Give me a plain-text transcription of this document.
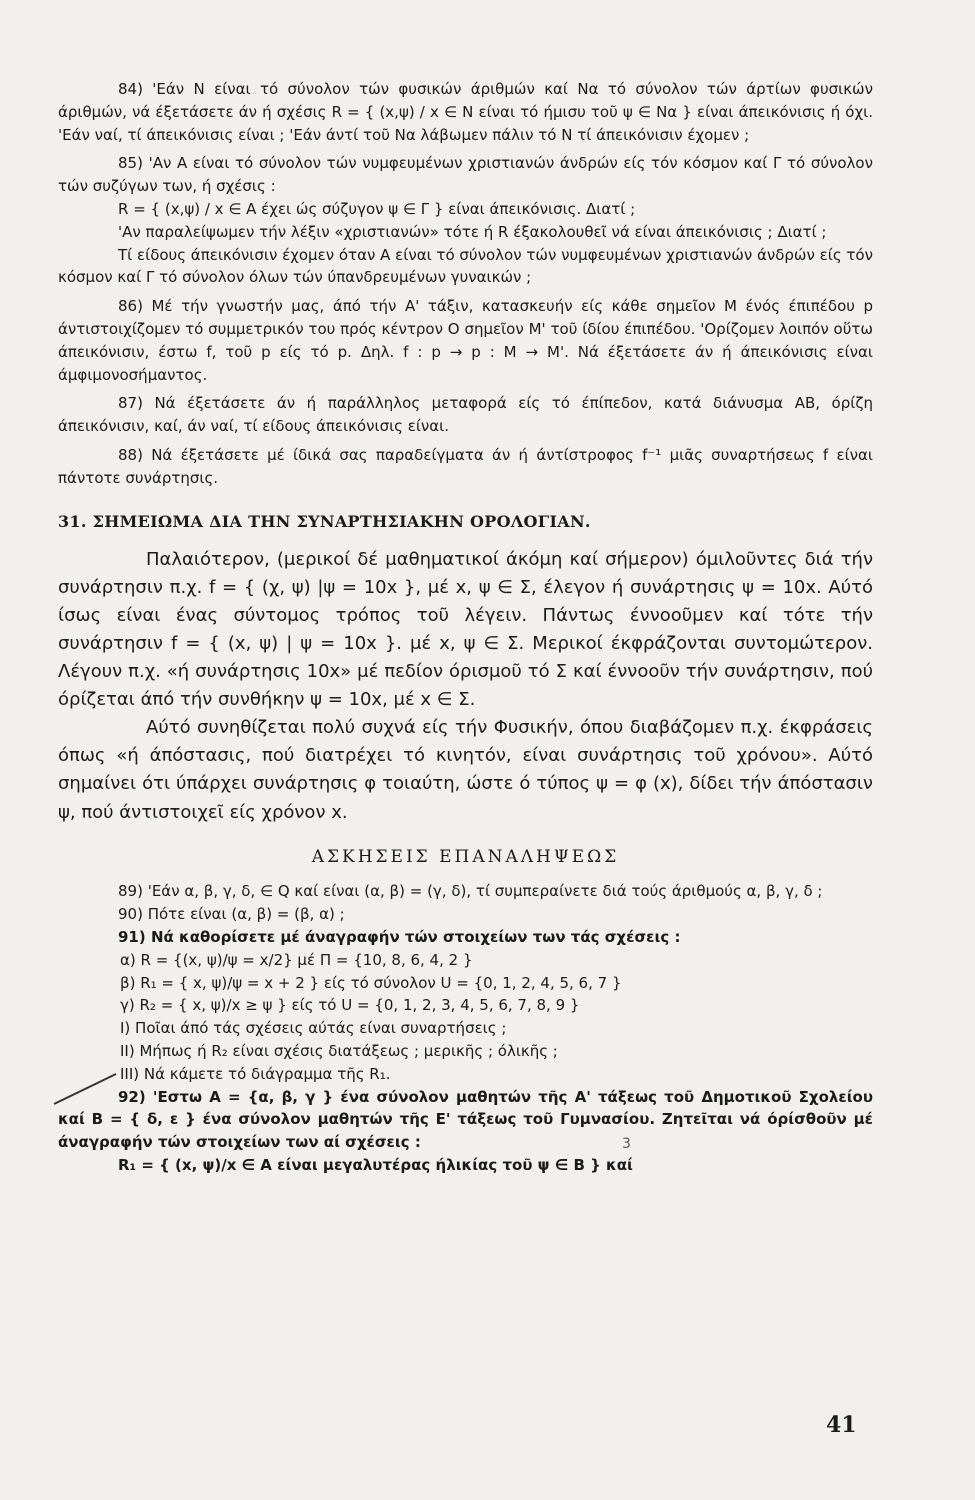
84) 'Εάν Ν είναι τό σύνολον τών φυσικών άριθμών καί Να τό σύνολον τών άρτίων φυσικών άριθμών, νά έξετάσετε άν ή σχέσις R = { (x,ψ) / x ∈ N είναι τό ήμισυ τοῦ ψ ∈ Να } είναι άπεικόνισις ή όχι. 'Εάν ναί, τί άπεικόνισις είναι ; 'Εάν άντί τοῦ Να λάβωμεν πάλιν τό Ν τί άπεικόνισιν έχομεν ;

85) 'Αν Α είναι τό σύνολον τών νυμφευμένων χριστιανών άνδρών είς τόν κόσμον καί Γ τό σύνολον τών συζύγων των, ή σχέσις :

R = { (x,ψ) / x ∈ A έχει ώς σύζυγον ψ ∈ Γ } είναι άπεικόνισις. Διατί ;

'Αν παραλείψωμεν τήν λέξιν «χριστιανών» τότε ή R έξακολουθεῖ νά είναι άπεικόνισις ; Διατί ;

Τί είδους άπεικόνισιν έχομεν όταν Α είναι τό σύνολον τών νυμφευμένων χριστιανών άνδρών είς τόν κόσμον καί Γ τό σύνολον όλων τών ύπανδρευμένων γυναικών ;

86) Μέ τήν γνωστήν μας, άπό τήν Α' τάξιν, κατασκευήν είς κάθε σημεῖον Μ ένός έπιπέδου p άντιστοιχίζομεν τό συμμετρικόν του πρός κέντρον Ο σημεῖον Μ' τοῦ ίδίου έπιπέδου. 'Ορίζομεν λοιπόν οὕτω άπεικόνισιν, έστω f, τοῦ p είς τό p. Δηλ. f : p → p : M → M'. Νά έξετάσετε άν ή άπεικόνισις είναι άμφιμονοσήμαντος.

87) Νά έξετάσετε άν ή παράλληλος μεταφορά είς τό έπίπεδον, κατά διάνυσμα AB, όρίζη άπεικόνισιν, καί, άν ναί, τί είδους άπεικόνισις είναι.

88) Νά έξετάσετε μέ ίδικά σας παραδείγματα άν ή άντίστροφος f⁻¹ μιᾶς συναρτήσεως f είναι πάντοτε συνάρτησις.

31. ΣΗΜΕΙΩΜΑ ΔΙΑ ΤΗΝ ΣΥΝΑΡΤΗΣΙΑΚΗΝ ΟΡΟΛΟΓΙΑΝ.

Παλαιότερον, (μερικοί δέ μαθηματικοί άκόμη καί σήμερον) όμιλοῦντες διά τήν συνάρτησιν π.χ. f = { (χ, ψ) |ψ = 10x }, μέ x, ψ ∈ Σ, έλεγον ή συνάρτησις ψ = 10x. Αύτό ίσως είναι ένας σύντομος τρόπος τοῦ λέγειν. Πάντως έννοοῦμεν καί τότε τήν συνάρτησιν f = { (x, ψ) | ψ = 10x }. μέ x, ψ ∈ Σ. Μερικοί έκφράζονται συντομώτερον. Λέγουν π.χ. «ή συνάρτησις 10x» μέ πεδίον όρισμοῦ τό Σ καί έννοοῦν τήν συνάρτησιν, πού όρίζεται άπό τήν συνθήκην ψ = 10x, μέ x ∈ Σ.

Αύτό συνηθίζεται πολύ συχνά είς τήν Φυσικήν, όπου διαβάζομεν π.χ. έκφράσεις όπως «ή άπόστασις, πού διατρέχει τό κινητόν, είναι συνάρτησις τοῦ χρόνου». Αύτό σημαίνει ότι ύπάρχει συνάρτησις φ τοιαύτη, ώστε ό τύπος ψ = φ (x), δίδει τήν άπόστασιν ψ, πού άντιστοιχεῖ είς χρόνον x.

ΑΣΚΗΣΕΙΣ ΕΠΑΝΑΛΗΨΕΩΣ

89) 'Εάν α, β, γ, δ, ∈ Q καί είναι (α, β) = (γ, δ), τί συμπεραίνετε διά τούς άριθμούς α, β, γ, δ ;

90) Πότε είναι (α, β) = (β, α) ;

91) Νά καθορίσετε μέ άναγραφήν τών στοιχείων των τάς σχέσεις :

α) R = {(x, ψ)/ψ = x/2} μέ Π = {10, 8, 6, 4, 2 }

β) R₁ = { x, ψ)/ψ = x + 2 } είς τό σύνολον U = {0, 1, 2, 4, 5, 6, 7 }

γ) R₂ = { x, ψ)/x ≥ ψ } είς τό U = {0, 1, 2, 3, 4, 5, 6, 7, 8, 9 }

I) Ποῖαι άπό τάς σχέσεις αύτάς είναι συναρτήσεις ;

II) Μήπως ή R₂ είναι σχέσις διατάξεως ; μερικῆς ; όλικῆς ;

III) Νά κάμετε τό διάγραμμα τῆς R₁.

92) 'Εστω Α = {α, β, γ } ένα σύνολον μαθητών τῆς Α' τάξεως τοῦ Δημοτικοῦ Σχολείου καί Β = { δ, ε } ένα σύνολον μαθητών τῆς Ε' τάξεως τοῦ Γυμνασίου. Ζητεῖται νά όρίσθοῦν μέ άναγραφήν τών στοιχείων των αί σχέσεις :

R₁ = { (x, ψ)/x ∈ A είναι μεγαλυτέρας ήλικίας τοῦ ψ ∈ B } καί

3
41
